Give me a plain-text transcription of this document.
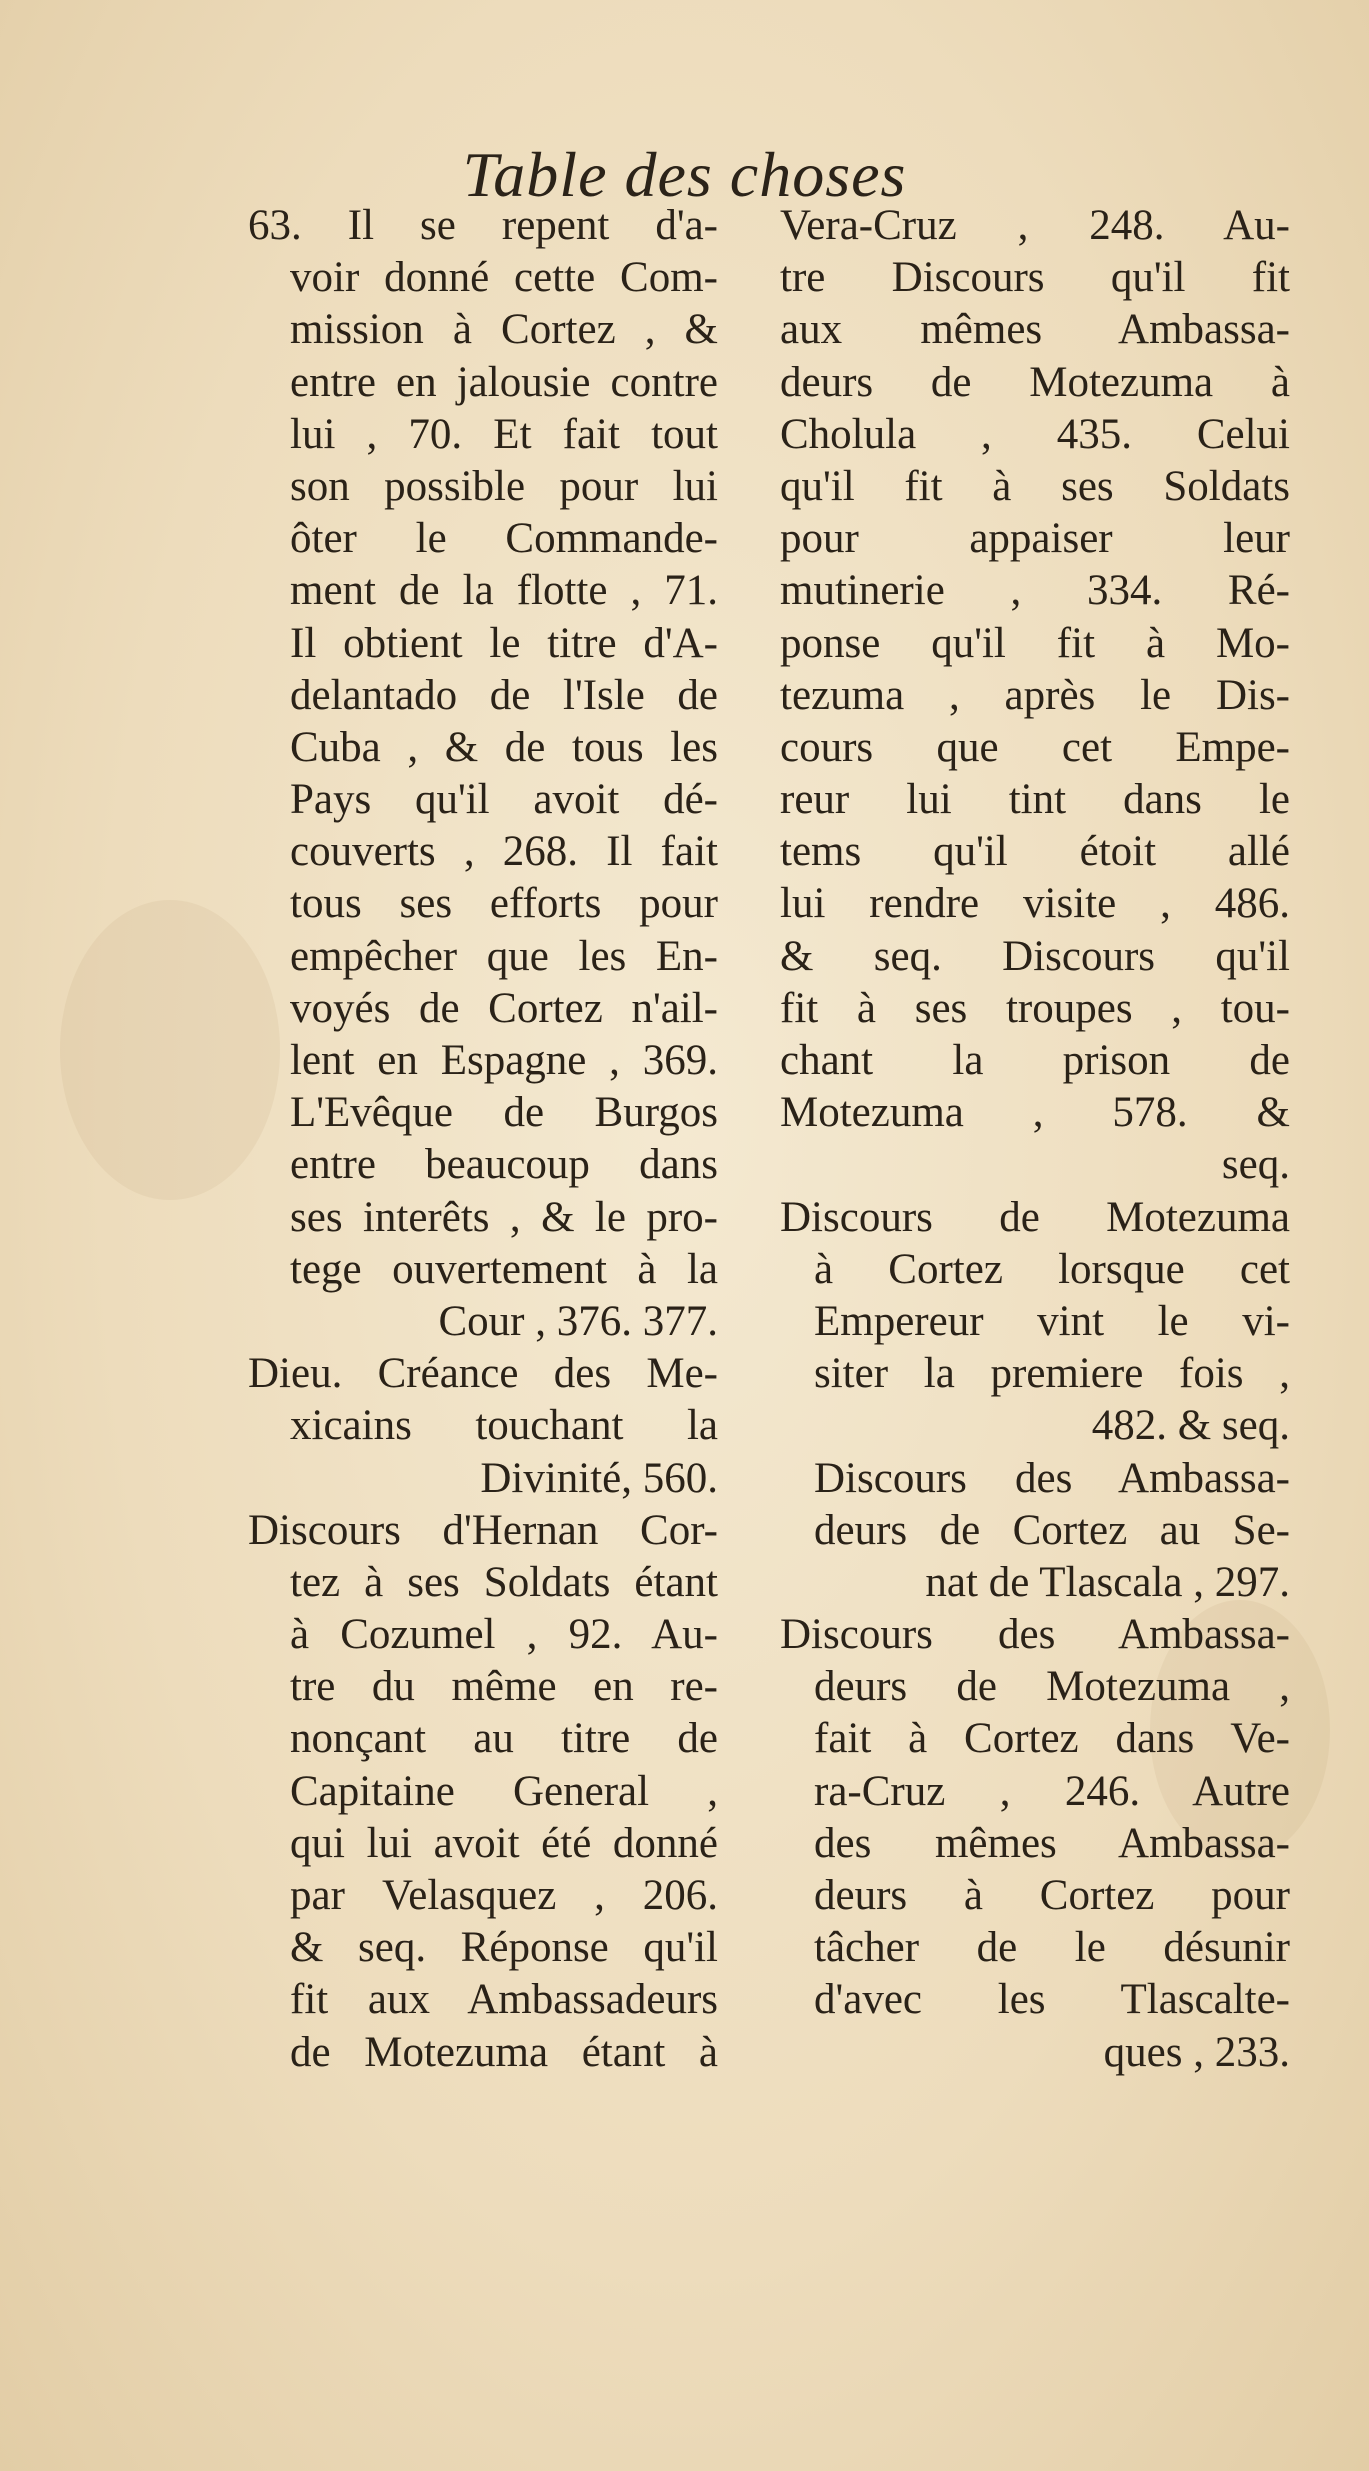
Table des choses
63. Il se repent d'a-
voir donné cette Com-
mission à Cortez , &
entre en jalousie contre
lui , 70. Et fait tout
son possible pour lui
ôter le Commande-
ment de la flotte , 71.
Il obtient le titre d'A-
delantado de l'Isle de
Cuba , & de tous les
Pays qu'il avoit dé-
couverts , 268. Il fait
tous ses efforts pour
empêcher que les En-
voyés de Cortez n'ail-
lent en Espagne , 369.
L'Evêque de Burgos
entre beaucoup dans
ses interêts , & le pro-
tege ouvertement à la
Cour , 376. 377.
Dieu. Créance des Me-
xicains touchant la
Divinité, 560.
Discours d'Hernan Cor-
tez à ses Soldats étant
à Cozumel , 92. Au-
tre du même en re-
nonçant au titre de
Capitaine General ,
qui lui avoit été donné
par Velasquez , 206.
& seq. Réponse qu'il
fit aux Ambassadeurs
de Motezuma étant à
Vera-Cruz , 248. Au-
tre Discours qu'il fit
aux mêmes Ambassa-
deurs de Motezuma à
Cholula , 435. Celui
qu'il fit à ses Soldats
pour appaiser leur
mutinerie , 334. Ré-
ponse qu'il fit à Mo-
tezuma , après le Dis-
cours que cet Empe-
reur lui tint dans le
tems qu'il étoit allé
lui rendre visite , 486.
& seq. Discours qu'il
fit à ses troupes , tou-
chant la prison de
Motezuma , 578. &
seq.
Discours de Motezuma
à Cortez lorsque cet
Empereur vint le vi-
siter la premiere fois ,
482. & seq.
Discours des Ambassa-
deurs de Cortez au Se-
nat de Tlascala , 297.
Discours des Ambassa-
deurs de Motezuma ,
fait à Cortez dans Ve-
ra-Cruz , 246. Autre
des mêmes Ambassa-
deurs à Cortez pour
tâcher de le désunir
d'avec les Tlascalte-
ques , 233.
